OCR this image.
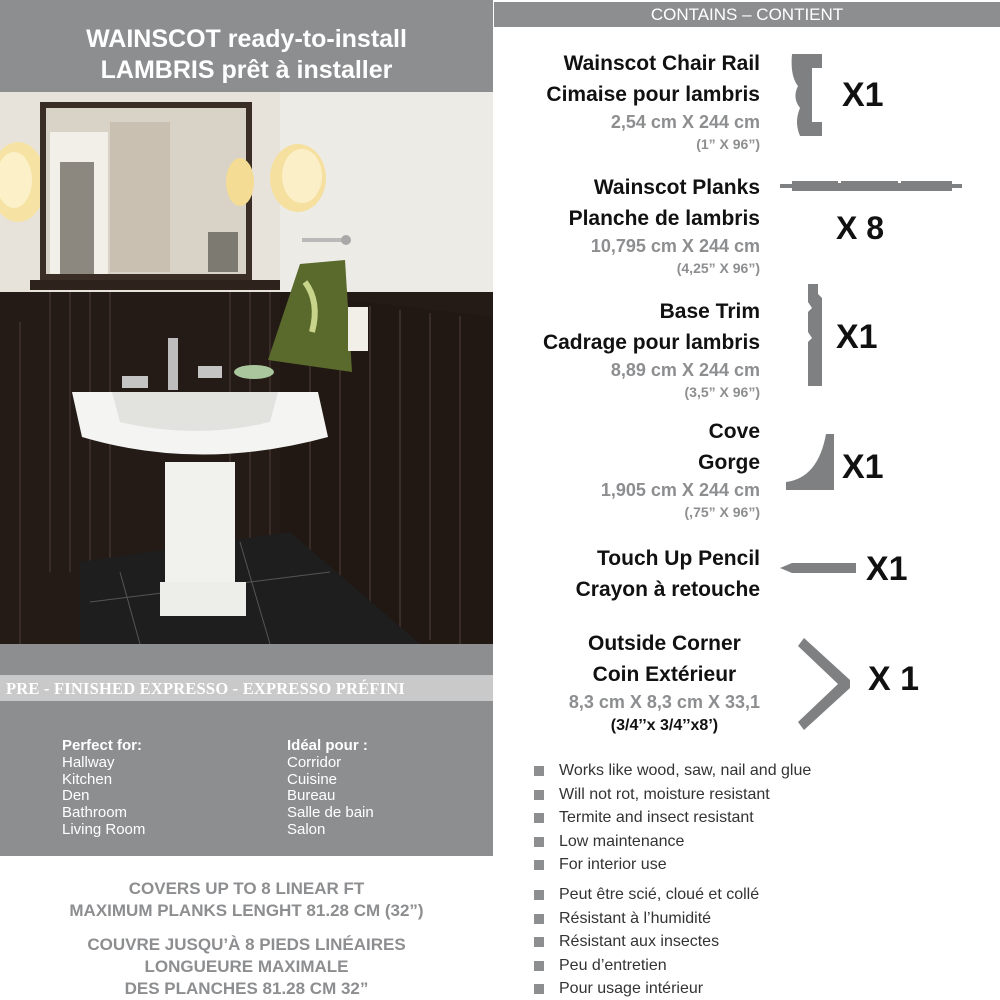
WAINSCOT ready-to-install
LAMBRIS prêt à installer
PRE - FINISHED EXPRESSO - EXPRESSO PRÉFINI
Perfect for:
Hallway
Kitchen
Den
Bathroom
Living Room
Idéal pour :
Corridor
Cuisine
Bureau
Salle de bain
Salon
COVERS UP TO 8 LINEAR FT
MAXIMUM PLANKS LENGHT 81.28 CM (32”)
COUVRE JUSQU’À 8 PIEDS LINÉAIRES
LONGUEURE MAXIMALE
DES PLANCHES 81.28 CM 32”
CONTAINS – CONTIENT
Wainscot Chair Rail
Cimaise pour lambris
2,54 cm X 244 cm
(1” X 96”)
X1
Wainscot Planks
Planche de lambris
10,795 cm X 244 cm
(4,25” X 96”)
X 8
Base Trim
Cadrage pour lambris
8,89 cm X 244 cm
(3,5” X 96”)
X1
Cove
Gorge
1,905 cm X 244 cm
(,75” X 96”)
X1
Touch Up Pencil
Crayon à retouche
X1
Outside Corner
Coin Extérieur
8,3 cm X 8,3 cm X 33,1
(3/4’’x 3/4’’x8’)
X 1
Works like wood, saw, nail and glue
Will not rot, moisture resistant
Termite and insect resistant
Low maintenance
For interior use
Peut être scié, cloué et collé
Résistant à l’humidité
Résistant aux insectes
Peu d’entretien
Pour usage intérieur
